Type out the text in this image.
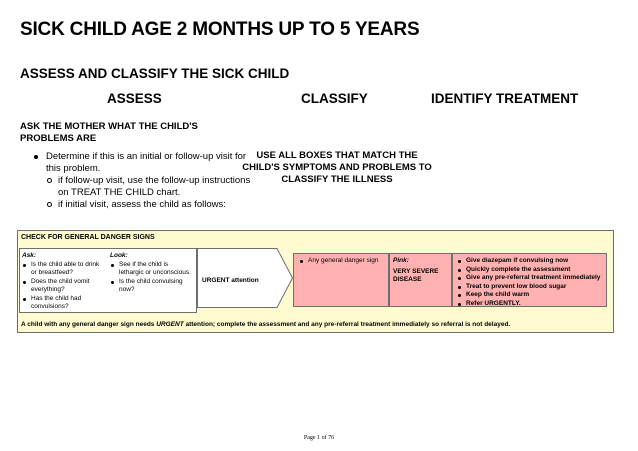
SICK CHILD AGE 2 MONTHS UP TO 5 YEARS
ASSESS AND CLASSIFY THE SICK CHILD
ASSESS	CLASSIFY	IDENTIFY TREATMENT
ASK THE MOTHER WHAT THE CHILD'S PROBLEMS ARE
Determine if this is an initial or follow-up visit for this problem.
if follow-up visit, use the follow-up instructions on TREAT THE CHILD chart.
if initial visit, assess the child as follows:
USE ALL BOXES THAT MATCH THE CHILD'S SYMPTOMS AND PROBLEMS TO CLASSIFY THE ILLNESS
CHECK FOR GENERAL DANGER SIGNS
Ask:
Is the child able to drink or breastfeed?
Does the child vomit everything?
Has the child had convulsions?
Look:
See if the child is lethargic or unconscious.
Is the child convulsing now?
URGENT attention
Any general danger sign	Pink:
VERY SEVERE DISEASE
Give diazepam if convulsing now
Quickly complete the assessment
Give any pre-referral treatment immediately
Treat to prevent low blood sugar
Keep the child warm
Refer URGENTLY.
A child with any general danger sign needs URGENT attention; complete the assessment and any pre-referral treatment immediately so referral is not delayed.
Page 1 of 76
